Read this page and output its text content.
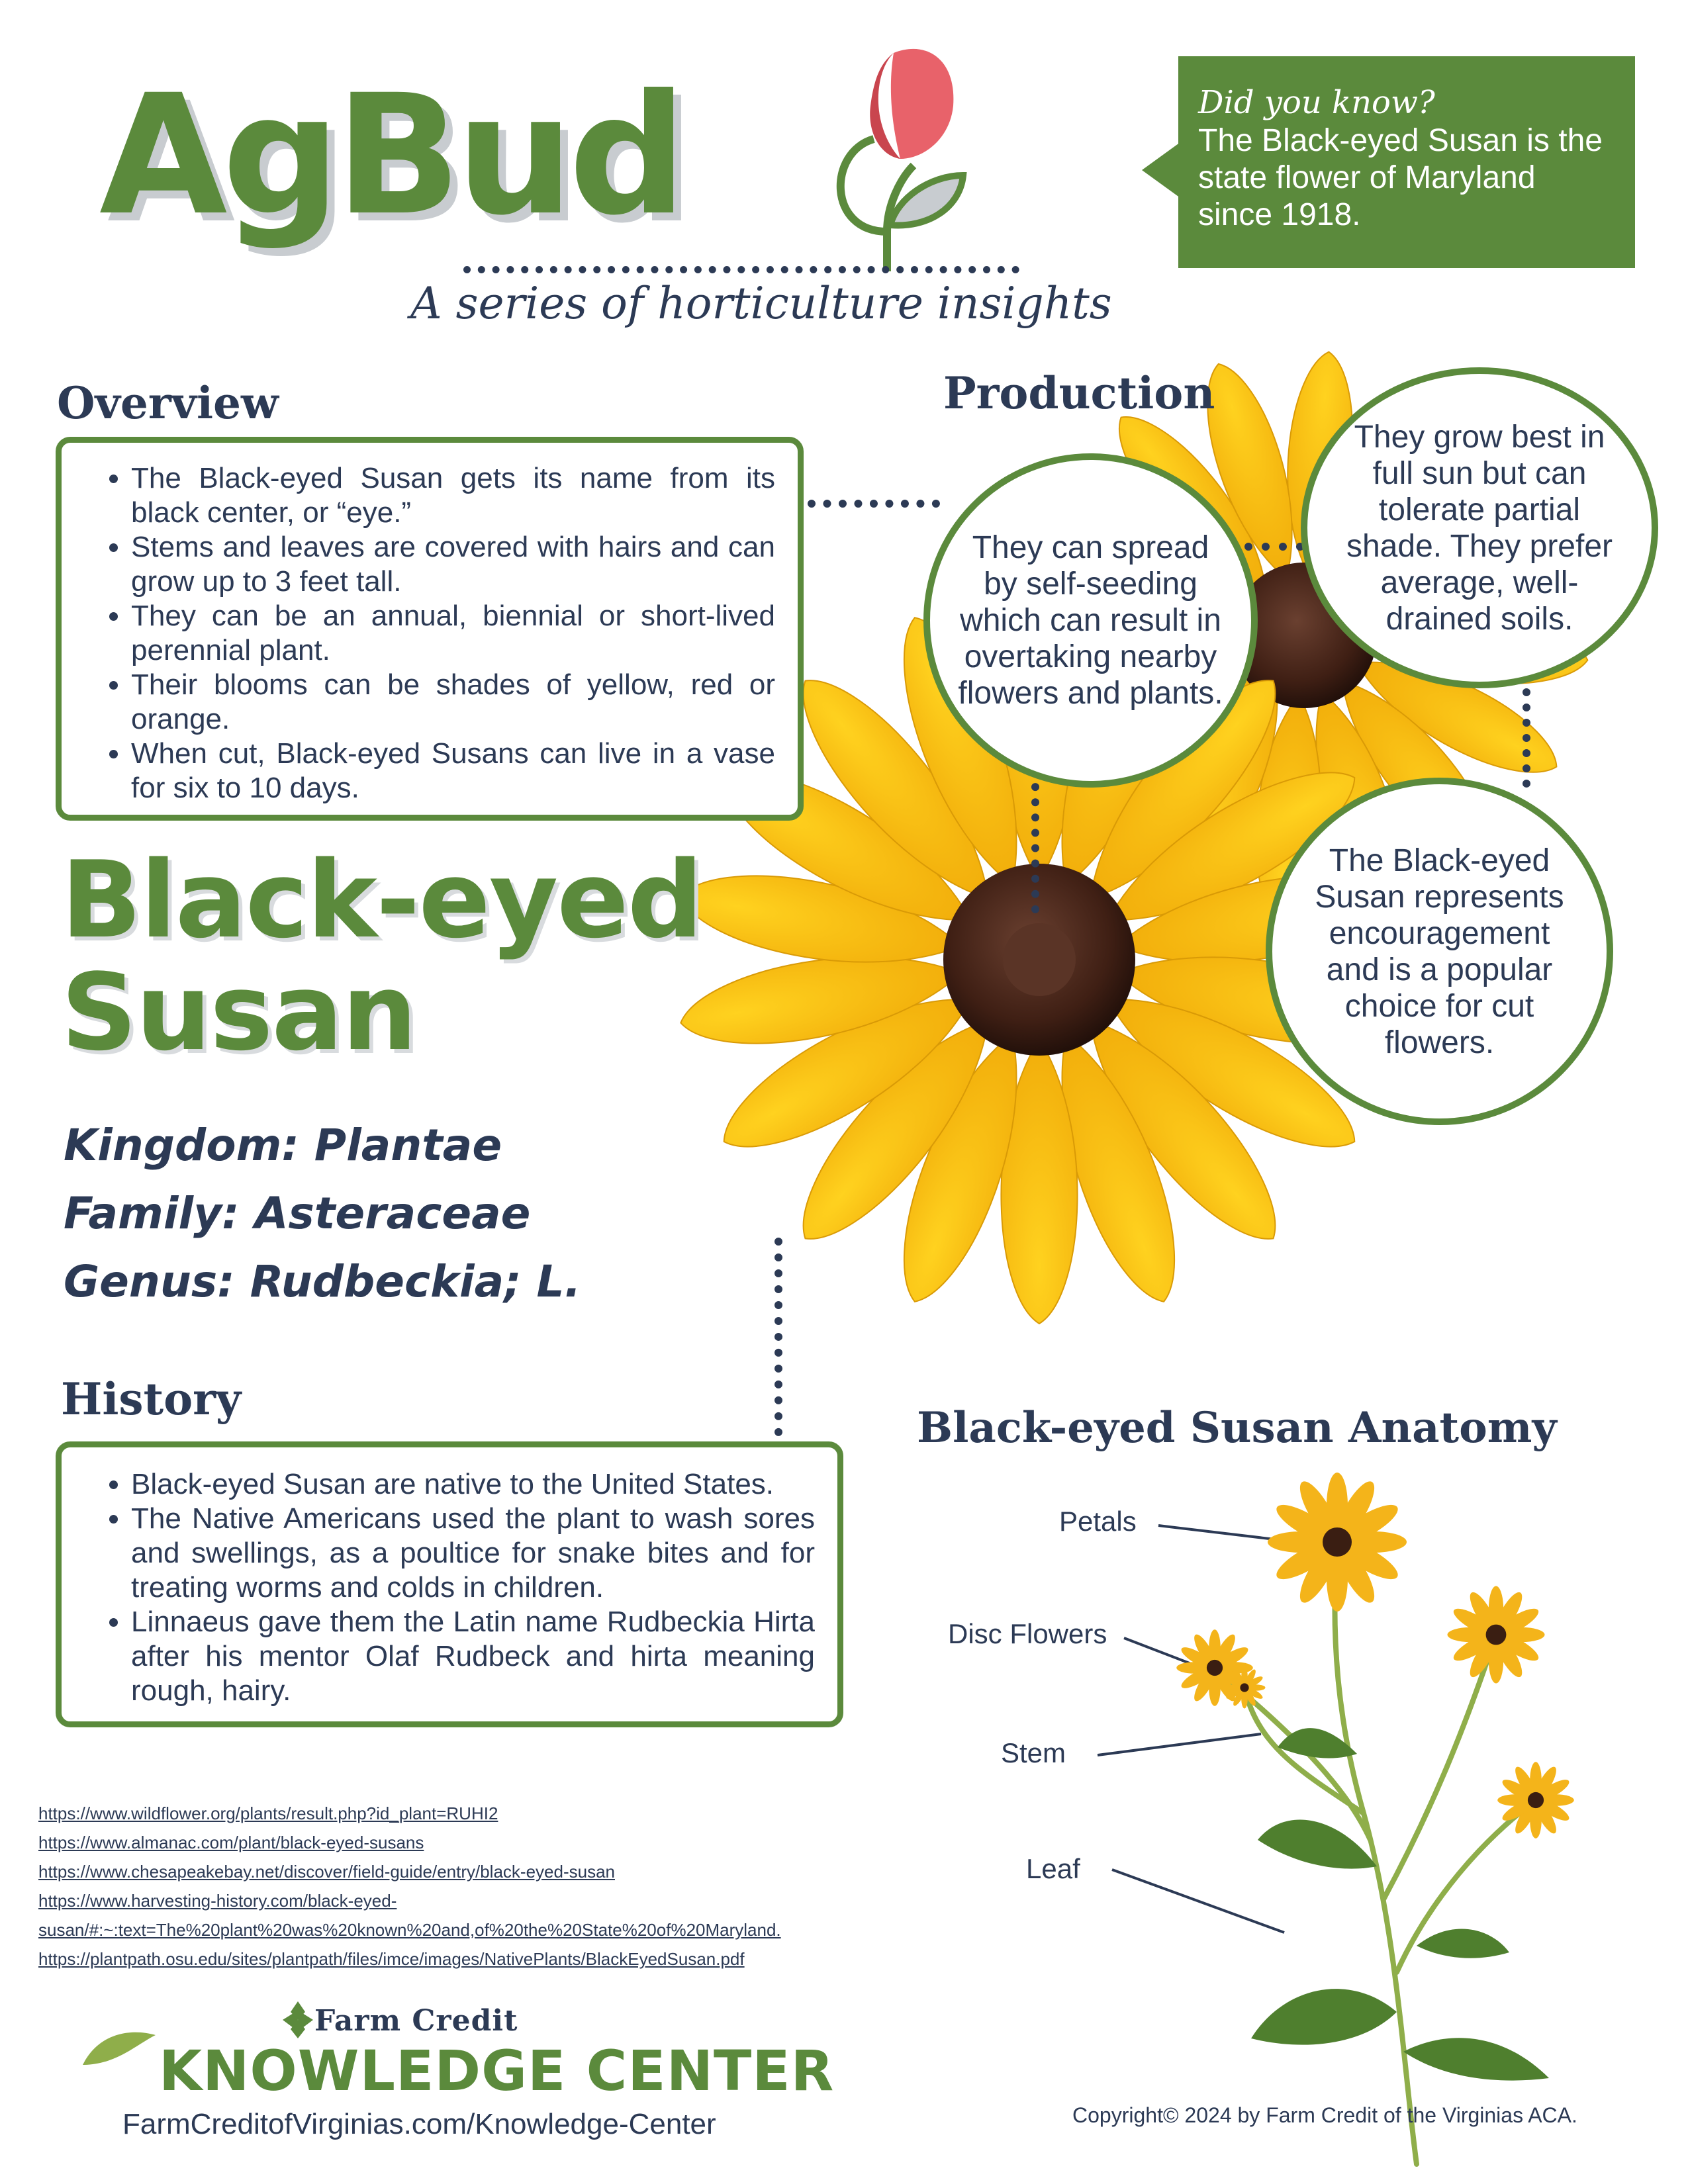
AgBud
A series of horticulture insights
Did you know?
The Black-eyed Susan is the state flower of Maryland since 1918.
Overview
• The Black-eyed Susan gets its name from its black center, or “eye.”
• Stems and leaves are covered with hairs and can grow up to 3 feet tall.
• They can be an annual, biennial or short-lived perennial plant.
• Their blooms can be shades of yellow, red or orange.
• When cut, Black-eyed Susans can live in a vase for six to 10 days.
Black-eyed
Susan
Kingdom: Plantae
Family: Asteraceae
Genus: Rudbeckia; L.
Production
They can spread by self-seeding which can result in overtaking nearby flowers and plants.
They grow best in full sun but can tolerate partial shade. They prefer average, well-drained soils.
The Black-eyed Susan represents encouragement and is a popular choice for cut flowers.
History
• Black-eyed Susan are native to the United States.
• The Native Americans used the plant to wash sores and swellings, as a poultice for snake bites and for treating worms and colds in children.
• Linnaeus gave them the Latin name Rudbeckia Hirta after his mentor Olaf Rudbeck and hirta meaning rough, hairy.
Black-eyed Susan Anatomy
Petals
Disc Flowers
Stem
Leaf
https://www.wildflower.org/plants/result.php?id_plant=RUHI2
https://www.almanac.com/plant/black-eyed-susans
https://www.chesapeakebay.net/discover/field-guide/entry/black-eyed-susan
https://www.harvesting-history.com/black-eyed-
susan/#:~:text=The%20plant%20was%20known%20and,of%20the%20State%20of%20Maryland.
https://plantpath.osu.edu/sites/plantpath/files/imce/images/NativePlants/BlackEyedSusan.pdf
Farm Credit
KNOWLEDGE CENTER
FarmCreditofVirginias.com/Knowledge-Center	Copyright© 2024 by Farm Credit of the Virginias ACA.
